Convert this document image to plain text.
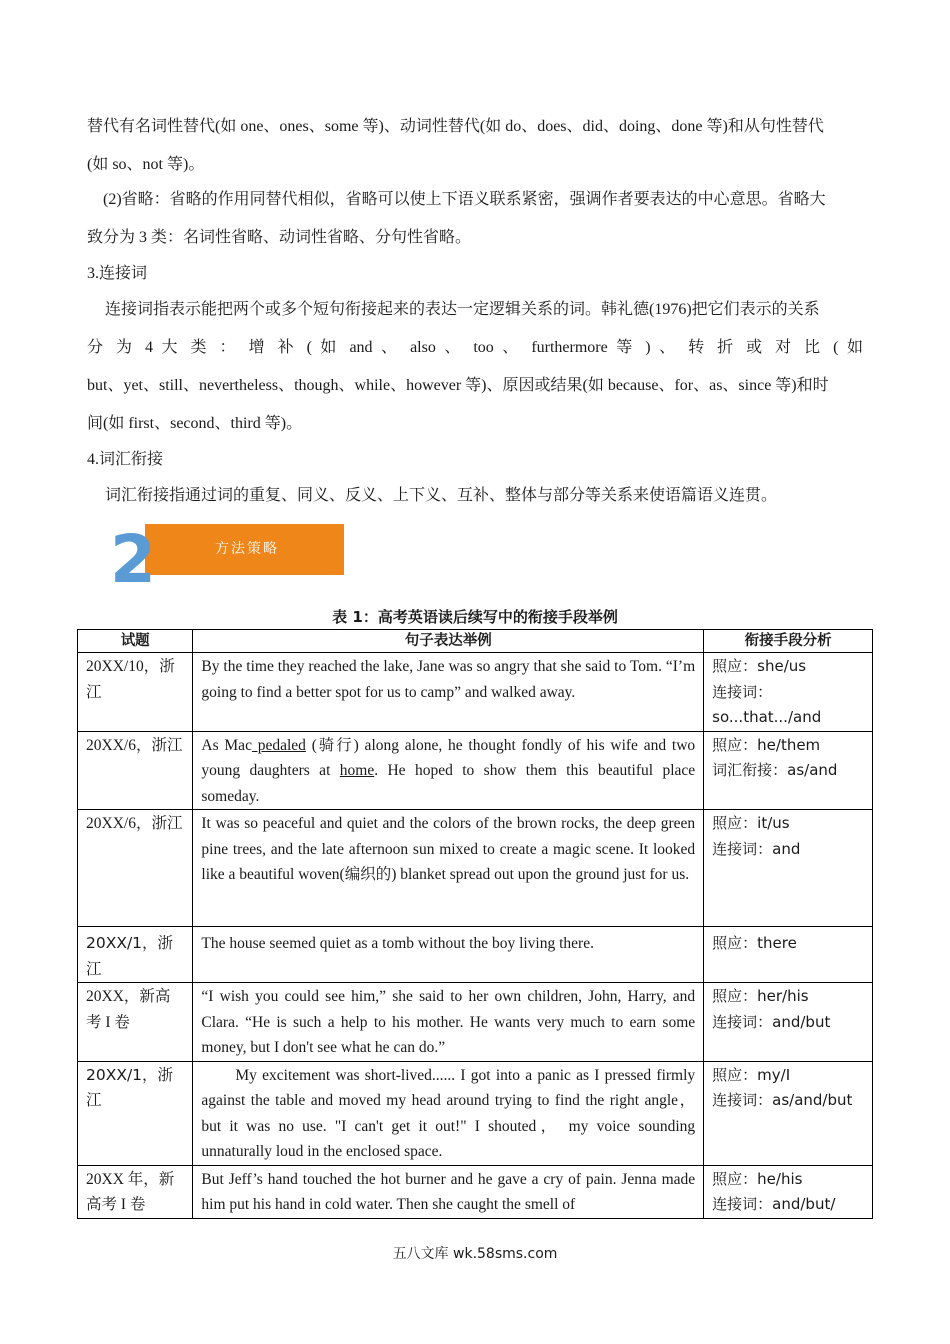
替代有名词性替代(如 one、ones、some 等)、动词性替代(如 do、does、did、doing、done 等)和从句性替代

(如 so、not 等)。

(2)省略：省略的作用同替代相似，省略可以使上下语义联系紧密，强调作者要表达的中心意思。省略大

致分为 3 类：名词性省略、动词性省略、分句性省略。

3.连接词

连接词指表示能把两个或多个短句衔接起来的表达一定逻辑关系的词。韩礼德(1976)把它们表示的关系

分 为 4 大 类 ： 增 补 ( 如 and 、 also 、 too 、 furthermore 等 ) 、 转 折 或 对 比 ( 如

but、yet、still、nevertheless、though、while、however 等)、原因或结果(如 because、for、as、since 等)和时

间(如 first、second、third 等)。

4.词汇衔接

词汇衔接指通过词的重复、同义、反义、上下义、互补、整体与部分等关系来使语篇语义连贯。

方法策略
2
表 1：高考英语读后续写中的衔接手段举例
试题	句子表达举例	衔接手段分析
20XX/10，浙江	By the time they reached the lake, Jane was so angry that she said to Tom. “I’m going to find a better spot for us to camp” and walked away.	照应：she/us
连接词：
so...that.../and

20XX/6，浙江	As Mac pedaled (骑行) along alone, he thought fondly of his wife and two young daughters at home. He hoped to show them this beautiful place someday.	照应：he/them
词汇衔接：as/and

20XX/6，浙江	It was so peaceful and quiet and the colors of the brown rocks, the deep green pine trees, and the late afternoon sun mixed to create a magic scene. It looked like a beautiful woven(编织的) blanket spread out upon the ground just for us.	照应：it/us
连接词：and

20XX/1，浙江	The house seemed quiet as a tomb without the boy living there.	照应：there

20XX，新高考 I 卷	“I wish you could see him,” she said to her own children, John, Harry, and Clara. “He is such a help to his mother. He wants very much to earn some money, but I don't see what he can do.”	照应：her/his
连接词：and/but

20XX/1，浙江	My excitement was short-lived...... I got into a panic as I pressed firmly against the table and moved my head around trying to find the right angle， but it was no use. "I can't get it out!" I shouted， my voice sounding unnaturally loud in the enclosed space.	照应：my/I
连接词：as/and/but

20XX 年，新高考 I 卷	But Jeff’s hand touched the hot burner and he gave a cry of pain. Jenna made him put his hand in cold water. Then she caught the smell of	照应：he/his
连接词：and/but/
五八文库 wk.58sms.com
